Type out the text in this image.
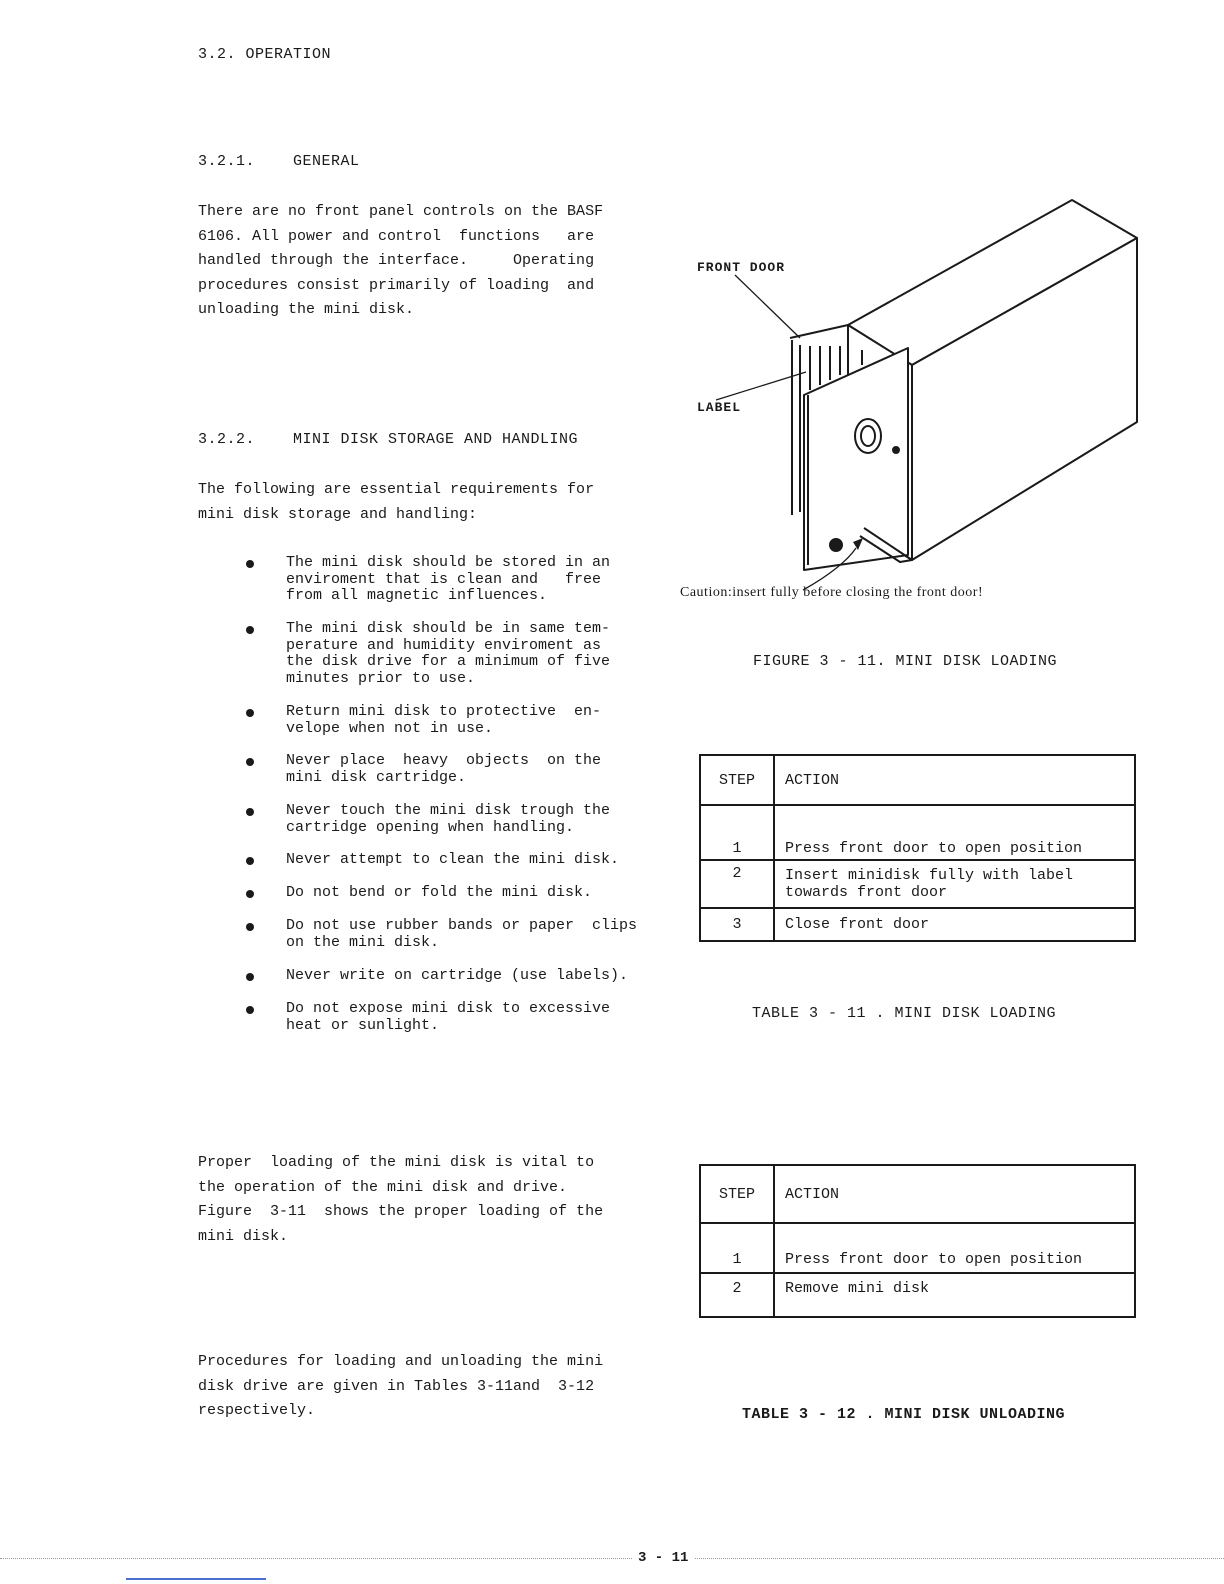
3.2. OPERATION
3.2.1.    GENERAL
There are no front panel controls on the BASF
6106. All power and control  functions   are
handled through the interface.     Operating
procedures consist primarily of loading  and
unloading the mini disk.
3.2.2.    MINI DISK STORAGE AND HANDLING
The following are essential requirements for
mini disk storage and handling:
The mini disk should be stored in an
enviroment that is clean and   free
from all magnetic influences.
The mini disk should be in same tem-
perature and humidity enviroment as
the disk drive for a minimum of five
minutes prior to use.
Return mini disk to protective  en-
velope when not in use.
Never place  heavy  objects  on the
mini disk cartridge.
Never touch the mini disk trough the
cartridge opening when handling.
Never attempt to clean the mini disk.
Do not bend or fold the mini disk.
Do not use rubber bands or paper  clips
on the mini disk.
Never write on cartridge (use labels).
Do not expose mini disk to excessive
heat or sunlight.
Proper  loading of the mini disk is vital to
the operation of the mini disk and drive.
Figure  3-11  shows the proper loading of the
mini disk.
Procedures for loading and unloading the mini
disk drive are given in Tables 3-11and  3-12
respectively.
FRONT DOOR
LABEL
Caution:insert fully before closing the front door!
FIGURE 3 - 11. MINI DISK LOADING
STEP	ACTION
1	Press front door to open position
2	Insert minidisk fully with label
towards front door
3	Close front door
TABLE 3 - 11 . MINI DISK LOADING
STEP	ACTION
1	Press front door to open position
2	Remove mini disk
TABLE 3 - 12 . MINI DISK UNLOADING
3 - 11
